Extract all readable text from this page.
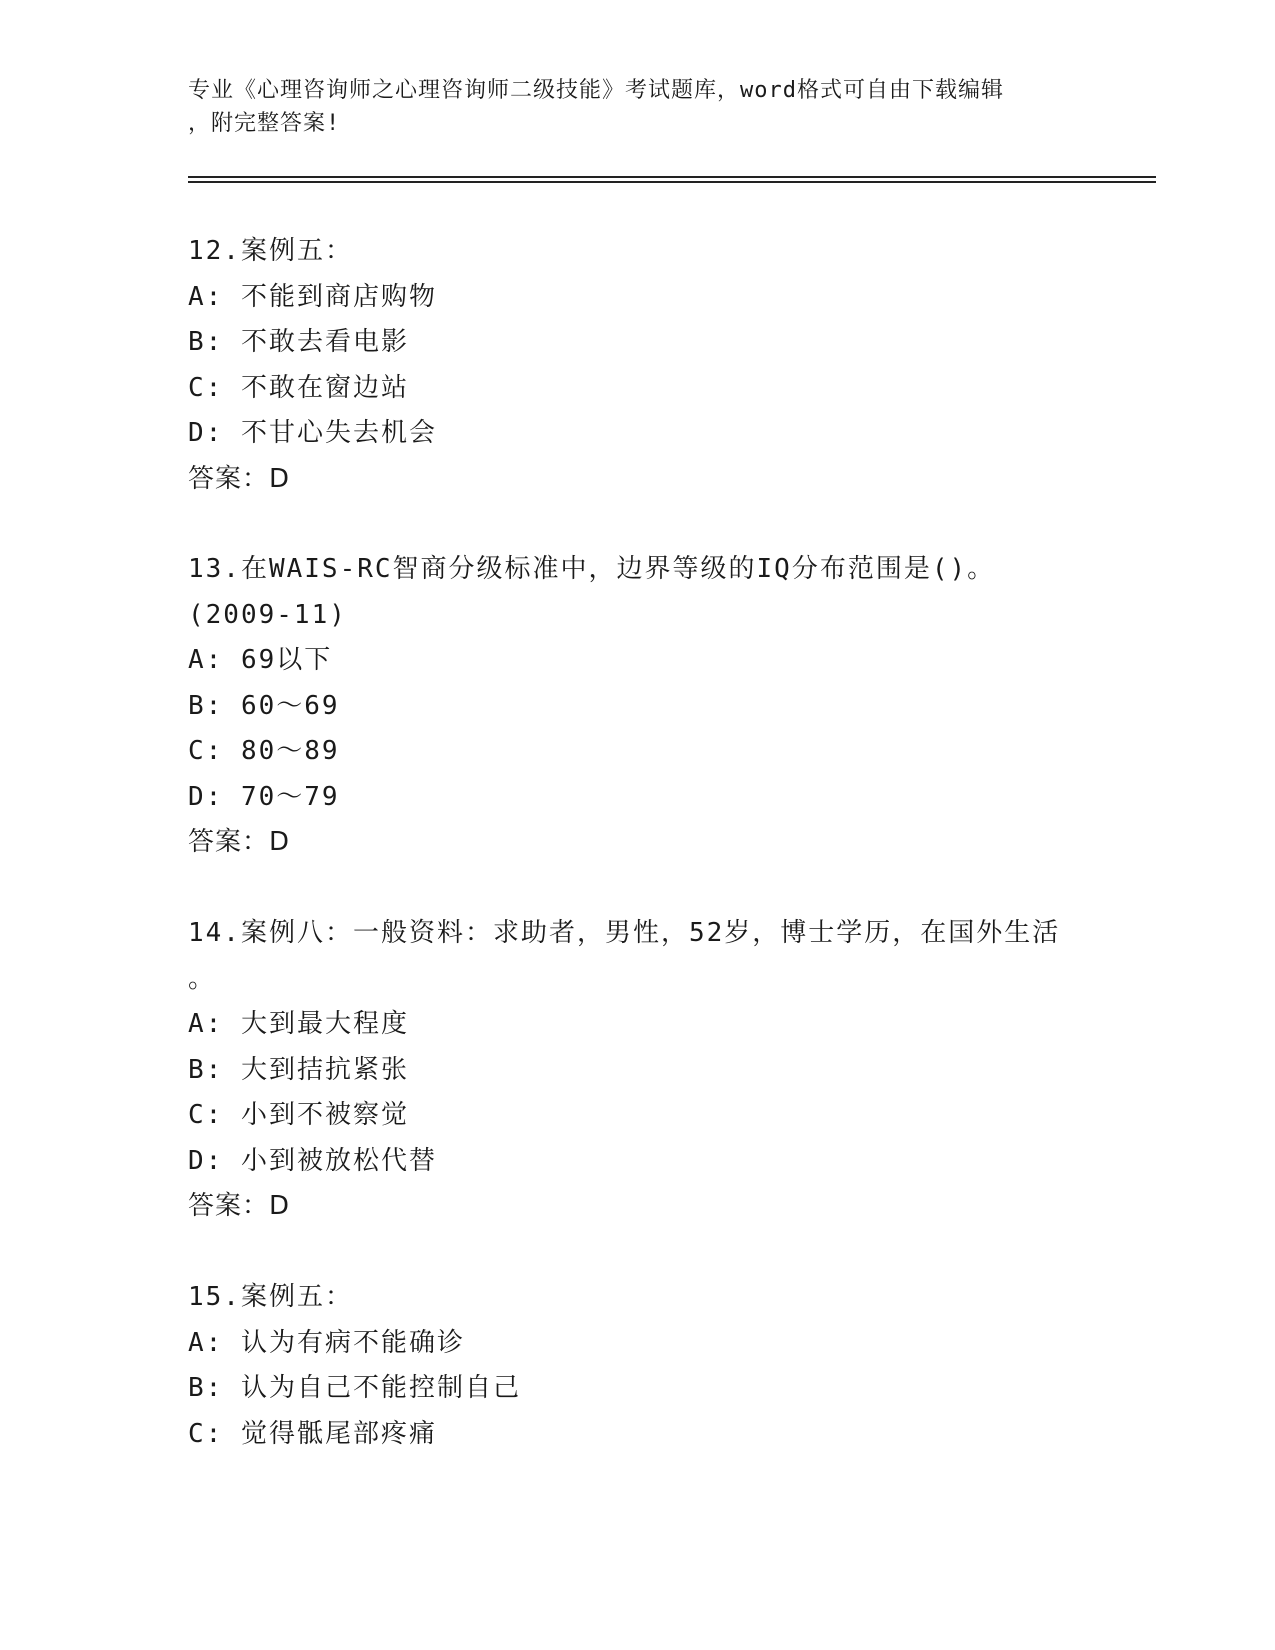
专业《心理咨询师之心理咨询师二级技能》考试题库，word格式可自由下载编辑
，附完整答案!
12.案例五：
A: 不能到商店购物
B: 不敢去看电影
C: 不敢在窗边站
D: 不甘心失去机会
答案：D
13.在WAIS-RC智商分级标准中，边界等级的IQ分布范围是()。
(2009-11)
A: 69以下
B: 60～69
C: 80～89
D: 70～79
答案：D
14.案例八：一般资料：求助者，男性，52岁，博士学历，在国外生活
。
A: 大到最大程度
B: 大到拮抗紧张
C: 小到不被察觉
D: 小到被放松代替
答案：D
15.案例五：
A: 认为有病不能确诊
B: 认为自己不能控制自己
C: 觉得骶尾部疼痛
